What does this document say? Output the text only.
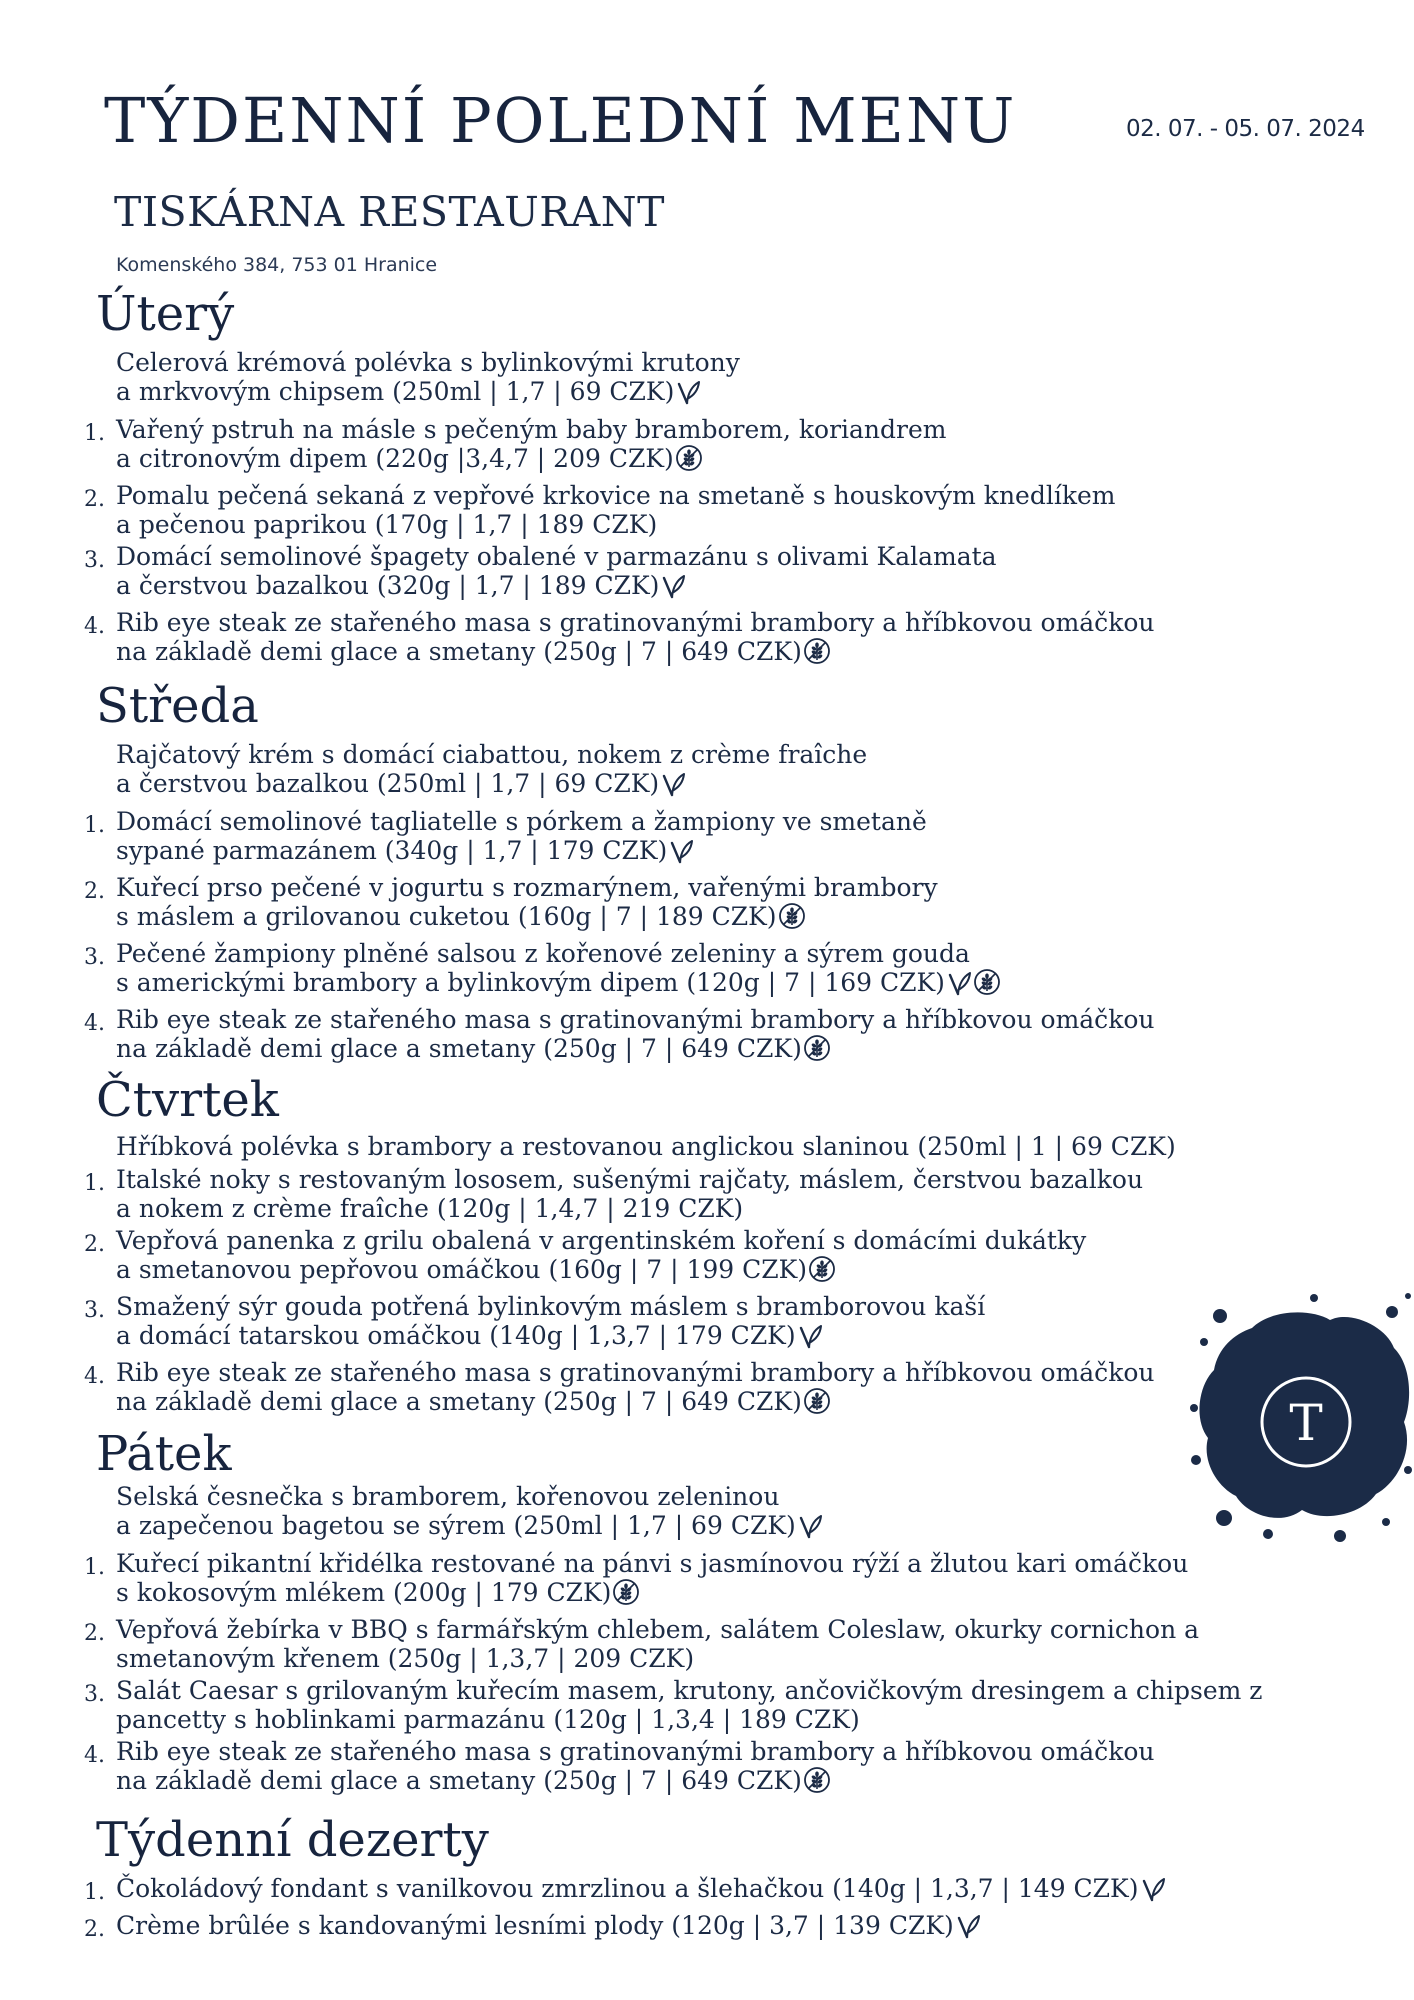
TÝDENNÍ POLEDNÍ MENU	02. 07. - 05. 07. 2024
TISKÁRNA RESTAURANT
Komenského 384, 753 01 Hranice
Úterý
Celerová krémová polévka s bylinkovými krutony
a mrkvovým chipsem (250ml | 1,7 | 69 CZK)
1. Vařený pstruh na másle s pečeným baby bramborem, koriandrem
a citronovým dipem (220g |3,4,7 | 209 CZK)
2. Pomalu pečená sekaná z vepřové krkovice na smetaně s houskovým knedlíkem
a pečenou paprikou (170g | 1,7 | 189 CZK)
3. Domácí semolinové špagety obalené v parmazánu s olivami Kalamata
a čerstvou bazalkou (320g | 1,7 | 189 CZK)
4. Rib eye steak ze stařeného masa s gratinovanými brambory a hříbkovou omáčkou
na základě demi glace a smetany (250g | 7 | 649 CZK)
Středa
Rajčatový krém s domácí ciabattou, nokem z crème fraîche
a čerstvou bazalkou (250ml | 1,7 | 69 CZK)
1. Domácí semolinové tagliatelle s pórkem a žampiony ve smetaně
sypané parmazánem (340g | 1,7 | 179 CZK)
2. Kuřecí prso pečené v jogurtu s rozmarýnem, vařenými brambory
s máslem a grilovanou cuketou (160g | 7 | 189 CZK)
3. Pečené žampiony plněné salsou z kořenové zeleniny a sýrem gouda
s americkými brambory a bylinkovým dipem (120g | 7 | 169 CZK)
4. Rib eye steak ze stařeného masa s gratinovanými brambory a hříbkovou omáčkou
na základě demi glace a smetany (250g | 7 | 649 CZK)
Čtvrtek
Hříbková polévka s brambory a restovanou anglickou slaninou (250ml | 1 | 69 CZK)
1. Italské noky s restovaným lososem, sušenými rajčaty, máslem, čerstvou bazalkou
a nokem z crème fraîche (120g | 1,4,7 | 219 CZK)
2. Vepřová panenka z grilu obalená v argentinském koření s domácími dukátky
a smetanovou pepřovou omáčkou (160g | 7 | 199 CZK)
3. Smažený sýr gouda potřená bylinkovým máslem s bramborovou kaší
a domácí tatarskou omáčkou (140g | 1,3,7 | 179 CZK)
4. Rib eye steak ze stařeného masa s gratinovanými brambory a hříbkovou omáčkou
na základě demi glace a smetany (250g | 7 | 649 CZK)
Pátek
Selská česnečka s bramborem, kořenovou zeleninou
a zapečenou bagetou se sýrem (250ml | 1,7 | 69 CZK)
1. Kuřecí pikantní křidélka restované na pánvi s jasmínovou rýží a žlutou kari omáčkou
s kokosovým mlékem (200g | 179 CZK)
2. Vepřová žebírka v BBQ s farmářským chlebem, salátem Coleslaw, okurky cornichon a
smetanovým křenem (250g | 1,3,7 | 209 CZK)
3. Salát Caesar s grilovaným kuřecím masem, krutony, ančovičkovým dresingem a chipsem z
pancetty s hoblinkami parmazánu (120g | 1,3,4 | 189 CZK)
4. Rib eye steak ze stařeného masa s gratinovanými brambory a hříbkovou omáčkou
na základě demi glace a smetany (250g | 7 | 649 CZK)
Týdenní dezerty
1. Čokoládový fondant s vanilkovou zmrzlinou a šlehačkou (140g | 1,3,7 | 149 CZK)
2. Crème brûlée s kandovanými lesními plody (120g | 3,7 | 139 CZK)
T
